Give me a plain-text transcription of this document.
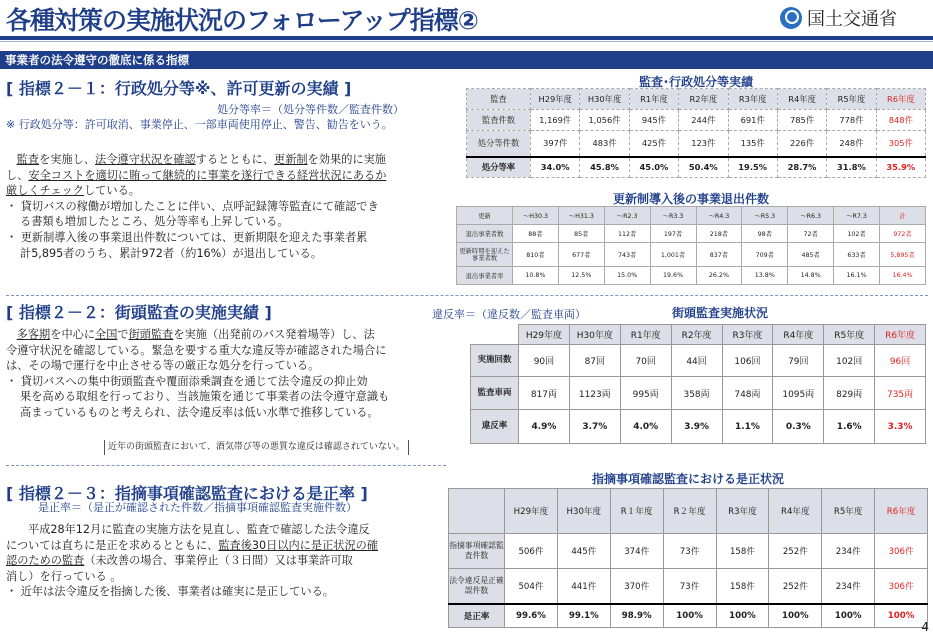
各種対策の実施状況のフォローアップ指標②	国土交通省
事業者の法令遵守の徹底に係る指標
[ 指標２－１：行政処分等※、許可更新の実績 ]
処分等率＝（処分等件数／監査件数）
※ 行政処分等：許可取消、事業停止、一部車両使用停止、警告、勧告をいう。
監査を実施し、法令遵守状況を確認するとともに、更新制を効果的に実施
し、安全コストを適切に賄って継続的に事業を遂行できる経営状況にあるか
厳しくチェックしている。
・ 貸切バスの稼働が増加したことに伴い、点呼記録簿等監査にて確認でき
る書類も増加したところ、処分等率も上昇している。
・ 更新制導入後の事業退出件数については、更新期限を迎えた事業者累
計5,895者のうち、累計972者（約16%）が退出している。
監査･行政処分等実績
監査	H29年度	H30年度	R1年度	R2年度	R3年度	R4年度	R5年度	R6年度
監査件数	1,169件	1,056件	945件	244件	691件	785件	778件	848件
処分等件数	397件	483件	425件	123件	135件	226件	248件	305件
処分等率	34.0%	45.8%	45.0%	50.4%	19.5%	28.7%	31.8%	35.9%
更新制導入後の事業退出件数
更新	～H30.3	～H31.3	～R2.3	～R3.3	～R4.3	～R5.3	～R6.3	～R7.3	計
退出事業者数	88者	85者	112者	197者	218者	98者	72者	102者	972者
更新時期を迎えた事業者数	810者	677者	743者	1,001者	837者	709者	485者	633者	5,895者
退出事業者率	10.8%	12.5%	15.0%	19.6%	26.2%	13.8%	14.8%	16.1%	16.4%
[ 指標２－２：街頭監査の実施実績 ]	違反率＝（違反数／監査車両）	街頭監査実施状況
多客期を中心に全国で街頭監査を実施（出発前のバス発着場等）し、法
令遵守状況を確認している。緊急を要する重大な違反等が確認された場合に
は、その場で運行を中止させる等の厳正な処分を行っている。
・ 貸切バスへの集中街頭監査や覆面添乗調査を通じて法令違反の抑止効
果を高める取組を行っており、当該施策を通じて事業者の法令遵守意識も
高まっているものと考えられ、法令違反率は低い水準で推移している。
近年の街頭監査において、酒気帯び等の悪質な違反は確認されていない。
	H29年度	H30年度	R1年度	R2年度	R3年度	R4年度	R5年度	R6年度
実施回数	90回	87回	70回	44回	106回	79回	102回	96回
監査車両	817両	1123両	995両	358両	748両	1095両	829両	735両
違反率	4.9%	3.7%	4.0%	3.9%	1.1%	0.3%	1.6%	3.3%
[ 指標２－３：指摘事項確認監査における是正率 ]
是正率＝（是正が確認された件数／指摘事項確認監査実施件数）
指摘事項確認監査における是正状況
平成28年12月に監査の実施方法を見直し、監査で確認した法令違反
については直ちに是正を求めるとともに、監査後30日以内に是正状況の確
認のための監査（未改善の場合、事業停止（３日間）又は事業許可取
消し）を行っている 。
・ 近年は法令違反を指摘した後、事業者は確実に是正している。
	H29年度	H30年度	R１年度	R２年度	R3年度	R4年度	R5年度	R6年度
指摘事項確認監査件数	506件	445件	374件	73件	158件	252件	234件	306件
法令違反是正確認件数	504件	441件	370件	73件	158件	252件	234件	306件
是正率	99.6%	99.1%	98.9%	100%	100%	100%	100%	100%
4
